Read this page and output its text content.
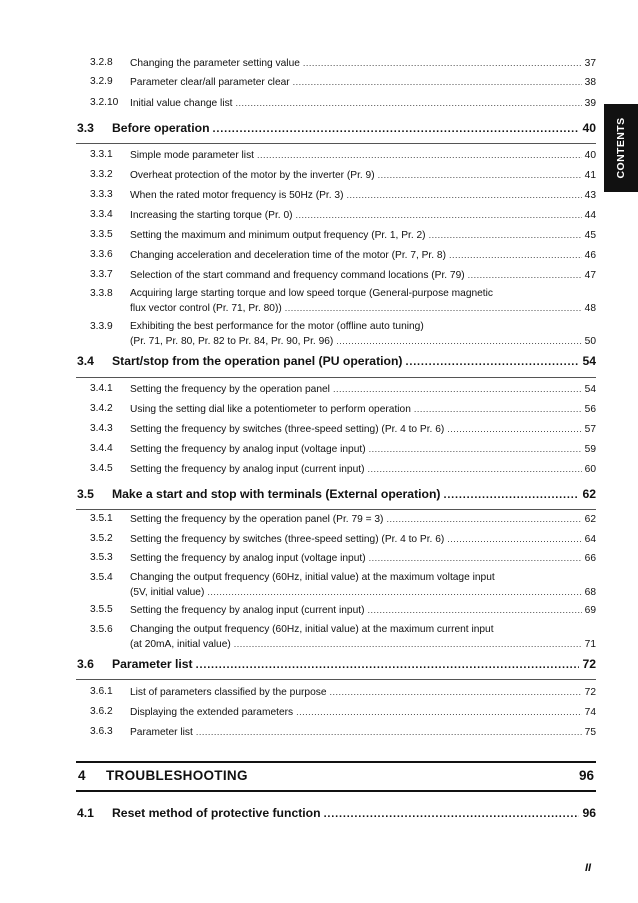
CONTENTS
3.2.8 Changing the parameter setting value .....	37
3.2.9 Parameter clear/all parameter clear .....	38
3.2.10 Initial value change list .....	39
3.3 Before operation .....	40
3.3.1 Simple mode parameter list .....	40
3.3.2 Overheat protection of the motor by the inverter (Pr. 9) .....	41
3.3.3 When the rated motor frequency is 50Hz (Pr. 3) .....	43
3.3.4 Increasing the starting torque (Pr. 0) .....	44
3.3.5 Setting the maximum and minimum output frequency (Pr. 1, Pr. 2) .....	45
3.3.6 Changing acceleration and deceleration time of the motor (Pr. 7, Pr. 8) .....	46
3.3.7 Selection of the start command and frequency command locations (Pr. 79) .....	47
3.3.8 Acquiring large starting torque and low speed torque (General-purpose magnetic
flux vector control (Pr. 71, Pr. 80)) .....	48
3.3.9 Exhibiting the best performance for the motor (offline auto tuning)
(Pr. 71, Pr. 80, Pr. 82 to Pr. 84, Pr. 90, Pr. 96) .....	50
3.4 Start/stop from the operation panel (PU operation) .....	54
3.4.1 Setting the frequency by the operation panel .....	54
3.4.2 Using the setting dial like a potentiometer to perform operation .....	56
3.4.3 Setting the frequency by switches (three-speed setting) (Pr. 4 to Pr. 6) .....	57
3.4.4 Setting the frequency by analog input (voltage input) .....	59
3.4.5 Setting the frequency by analog input (current input) .....	60
3.5 Make a start and stop with terminals (External operation) .....	62
3.5.1 Setting the frequency by the operation panel (Pr. 79 = 3) .....	62
3.5.2 Setting the frequency by switches (three-speed setting) (Pr. 4 to Pr. 6) .....	64
3.5.3 Setting the frequency by analog input (voltage input) .....	66
3.5.4 Changing the output frequency (60Hz, initial value) at the maximum voltage input
(5V, initial value) .....	68
3.5.5 Setting the frequency by analog input (current input) .....	69
3.5.6 Changing the output frequency (60Hz, initial value) at the maximum current input
(at 20mA, initial value) .....	71
3.6 Parameter list .....	72
3.6.1 List of parameters classified by the purpose .....	72
3.6.2 Displaying the extended parameters .....	74
3.6.3 Parameter list .....	75
4 TROUBLESHOOTING	96
4.1 Reset method of protective function .....	96
II
